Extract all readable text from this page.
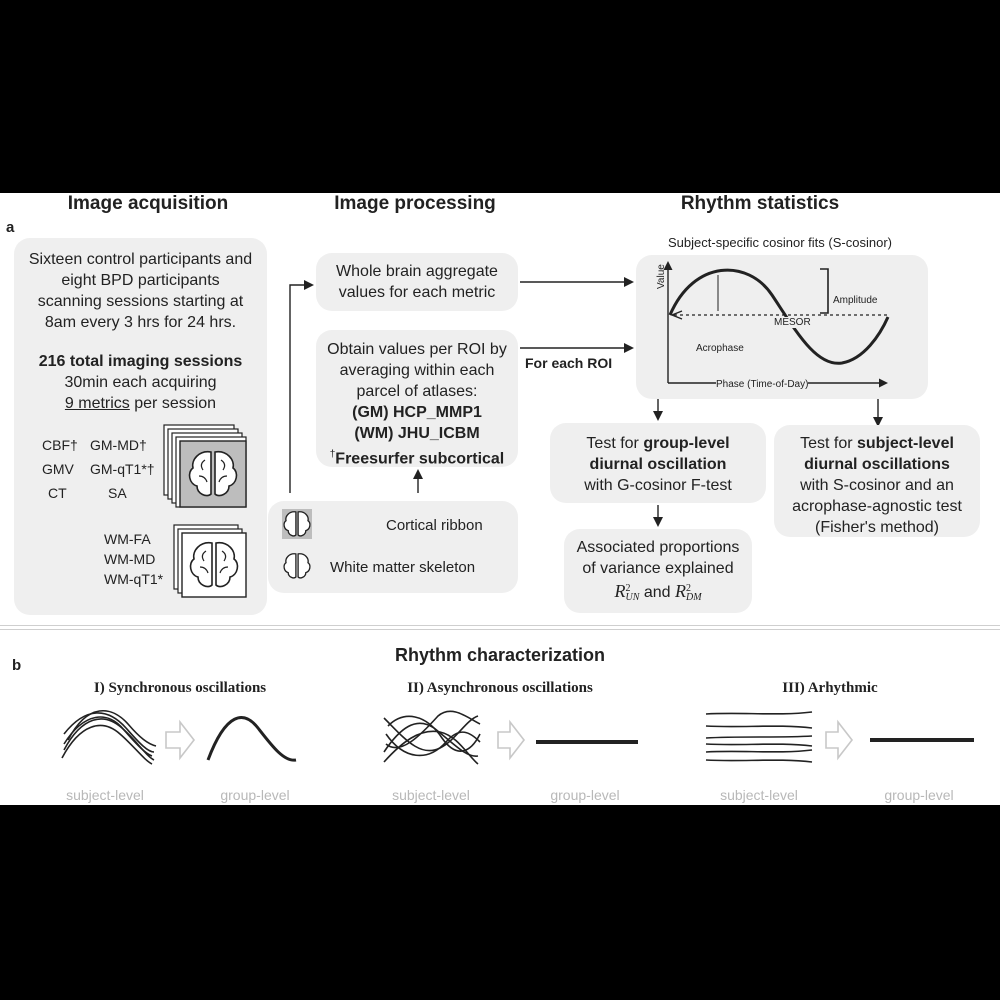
a
Image acquisition	Image processing	Rhythm statistics
Sixteen control participants and
eight BPD participants
scanning sessions starting at
8am every 3 hrs for 24 hrs.
216 total imaging sessions
30min each acquiring
9 metrics per session
CBF† GM-MD†
GMV GM-qT1*†
CT	SA
WM-FA
WM-MD
WM-qT1*
Whole brain aggregate
values for each metric
Obtain values per ROI by
averaging within each
parcel of atlases:
(GM) HCP_MMP1
(WM) JHU_ICBM
†Freesurfer subcortical
Cortical ribbon
White matter skeleton
For each ROI
Subject-specific cosinor fits (S-cosinor)
Value
Amplitude
MESOR
Acrophase
Phase (Time-of-Day)
Test for group-level
diurnal oscillation
with G-cosinor F-test
Test for subject-level
diurnal oscillations
with S-cosinor and an
acrophase-agnostic test
(Fisher's method)
Associated proportions
of variance explained
R 2
UN and R 2
DM
b
Rhythm characterization
I) Synchronous oscillations	II) Asynchronous oscillations	III) Arhythmic
subject-level	group-level	subject-level	group-level	subject-level	group-level
